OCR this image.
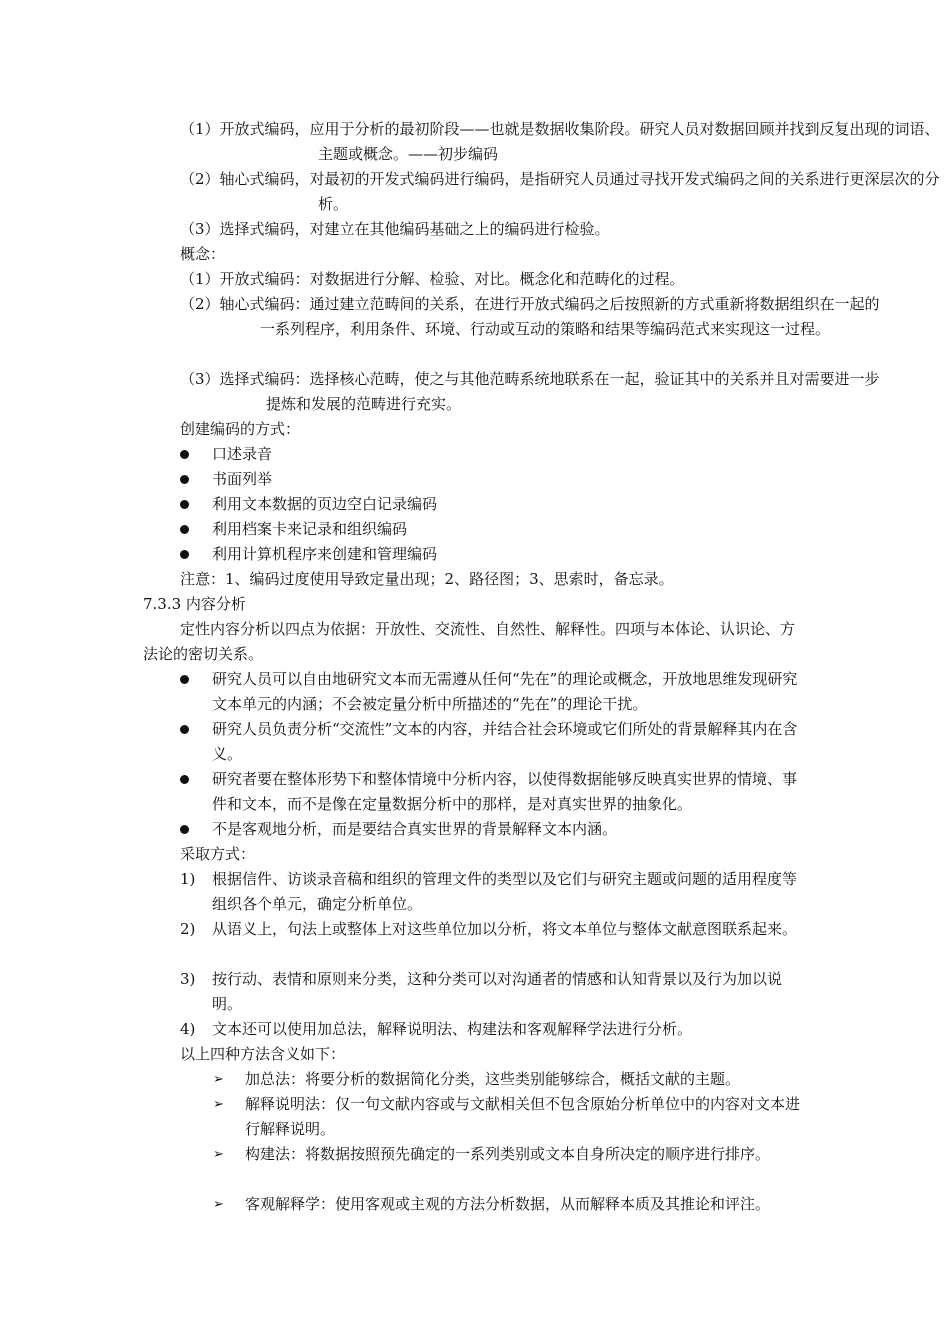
（1）开放式编码，应用于分析的最初阶段——也就是数据收集阶段。研究人员对数据回顾并找到反复出现的词语、主题或概念。——初步编码

（2）轴心式编码，对最初的开发式编码进行编码，是指研究人员通过寻找开发式编码之间的关系进行更深层次的分析。

（3）选择式编码，对建立在其他编码基础之上的编码进行检验。

概念：

（1）开放式编码：对数据进行分解、检验、对比。概念化和范畴化的过程。

（2）轴心式编码：通过建立范畴间的关系，在进行开放式编码之后按照新的方式重新将数据组织在一起的一系列程序，利用条件、环境、行动或互动的策略和结果等编码范式来实现这一过程。

（3）选择式编码：选择核心范畴，使之与其他范畴系统地联系在一起，验证其中的关系并且对需要进一步提炼和发展的范畴进行充实。

创建编码的方式：

口述录音
书面列举
利用文本数据的页边空白记录编码
利用档案卡来记录和组织编码
利用计算机程序来创建和管理编码

注意：1、编码过度使用导致定量出现；2、路径图；3、思索时，备忘录。

7.3.3 内容分析

定性内容分析以四点为依据：开放性、交流性、自然性、解释性。四项与本体论、认识论、方法论的密切关系。

研究人员可以自由地研究文本而无需遵从任何“先在”的理论或概念，开放地思维发现研究文本单元的内涵；不会被定量分析中所描述的“先在”的理论干扰。
研究人员负责分析“交流性”文本的内容，并结合社会环境或它们所处的背景解释其内在含义。
研究者要在整体形势下和整体情境中分析内容，以使得数据能够反映真实世界的情境、事件和文本，而不是像在定量数据分析中的那样，是对真实世界的抽象化。
不是客观地分析，而是要结合真实世界的背景解释文本内涵。

采取方式：

1) 根据信件、访谈录音稿和组织的管理文件的类型以及它们与研究主题或问题的适用程度等组织各个单元，确定分析单位。
2) 从语义上，句法上或整体上对这些单位加以分析，将文本单位与整体文献意图联系起来。
3) 按行动、表情和原则来分类，这种分类可以对沟通者的情感和认知背景以及行为加以说明。
4) 文本还可以使用加总法，解释说明法、构建法和客观解释学法进行分析。

以上四种方法含义如下：

➢ 加总法：将要分析的数据简化分类，这些类别能够综合，概括文献的主题。
➢ 解释说明法：仅一句文献内容或与文献相关但不包含原始分析单位中的内容对文本进行解释说明。
➢ 构建法：将数据按照预先确定的一系列类别或文本自身所决定的顺序进行排序。
➢ 客观解释学：使用客观或主观的方法分析数据，从而解释本质及其推论和评注。
